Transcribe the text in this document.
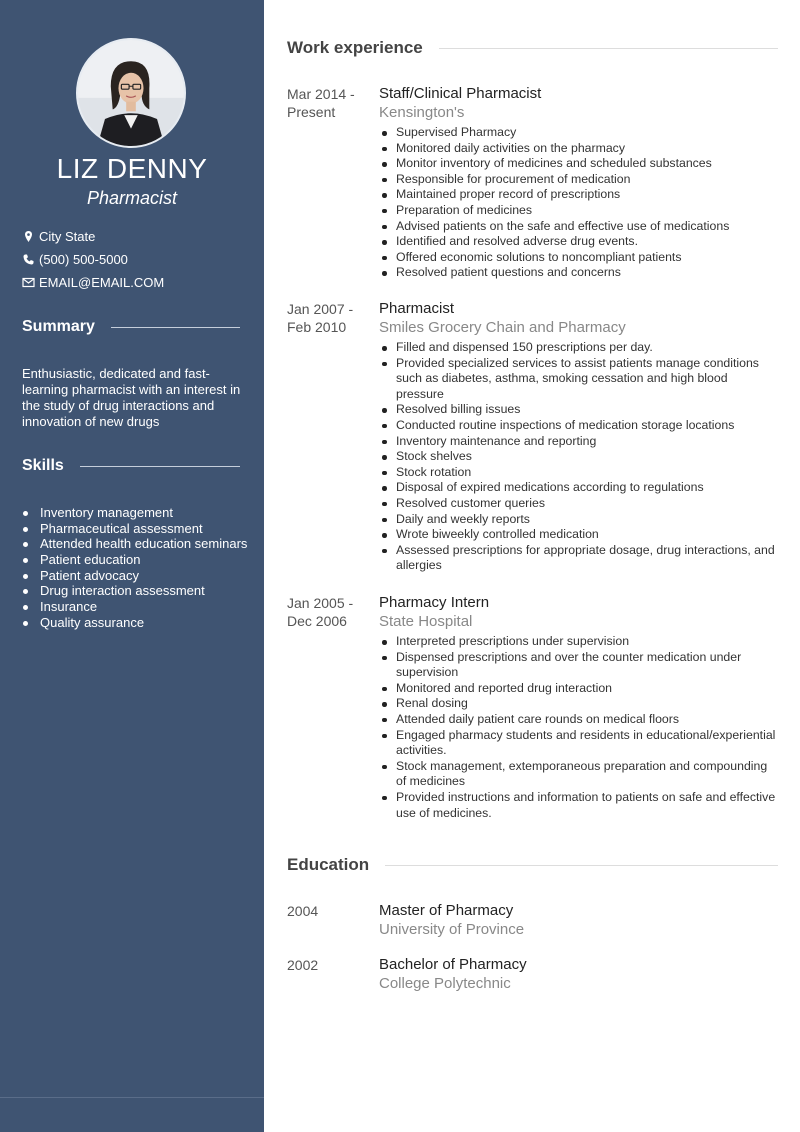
LIZ DENNY
Pharmacist
City State
(500) 500-5000
EMAIL@EMAIL.COM
Summary

Enthusiastic, dedicated and fast-learning pharmacist with an interest in the study of drug interactions and innovation of new drugs

Skills
Inventory management
Pharmaceutical assessment
Attended health education seminars
Patient education
Patient advocacy
Drug interaction assessment
Insurance
Quality assurance
Work experience
Mar 2014 - Present
Staff/Clinical Pharmacist
Kensington's
Supervised Pharmacy
Monitored daily activities on the pharmacy
Monitor inventory of medicines and scheduled substances
Responsible for procurement of medication
Maintained proper record of prescriptions
Preparation of medicines
Advised patients on the safe and effective use of medications
Identified and resolved adverse drug events.
Offered economic solutions to noncompliant patients
Resolved patient questions and concerns
Jan 2007 - Feb 2010
Pharmacist
Smiles Grocery Chain and Pharmacy
Filled and dispensed 150 prescriptions per day.
Provided specialized services to assist patients manage conditions such as diabetes, asthma, smoking cessation and high blood pressure
Resolved billing issues
Conducted routine inspections of medication storage locations
Inventory maintenance and reporting
Stock shelves
Stock rotation
Disposal of expired medications according to regulations
Resolved customer queries
Daily and weekly reports
Wrote biweekly controlled medication
Assessed prescriptions for appropriate dosage, drug interactions, and allergies
Jan 2005 - Dec 2006
Pharmacy Intern
State Hospital
Interpreted prescriptions under supervision
Dispensed prescriptions and over the counter medication under supervision
Monitored and reported drug interaction
Renal dosing
Attended daily patient care rounds on medical floors
Engaged pharmacy students and residents in educational/experiential activities.
Stock management, extemporaneous preparation and compounding of medicines
Provided instructions and information to patients on safe and effective use of medicines.
Education
2004	Master of Pharmacy
University of Province
2002	Bachelor of Pharmacy
College Polytechnic
